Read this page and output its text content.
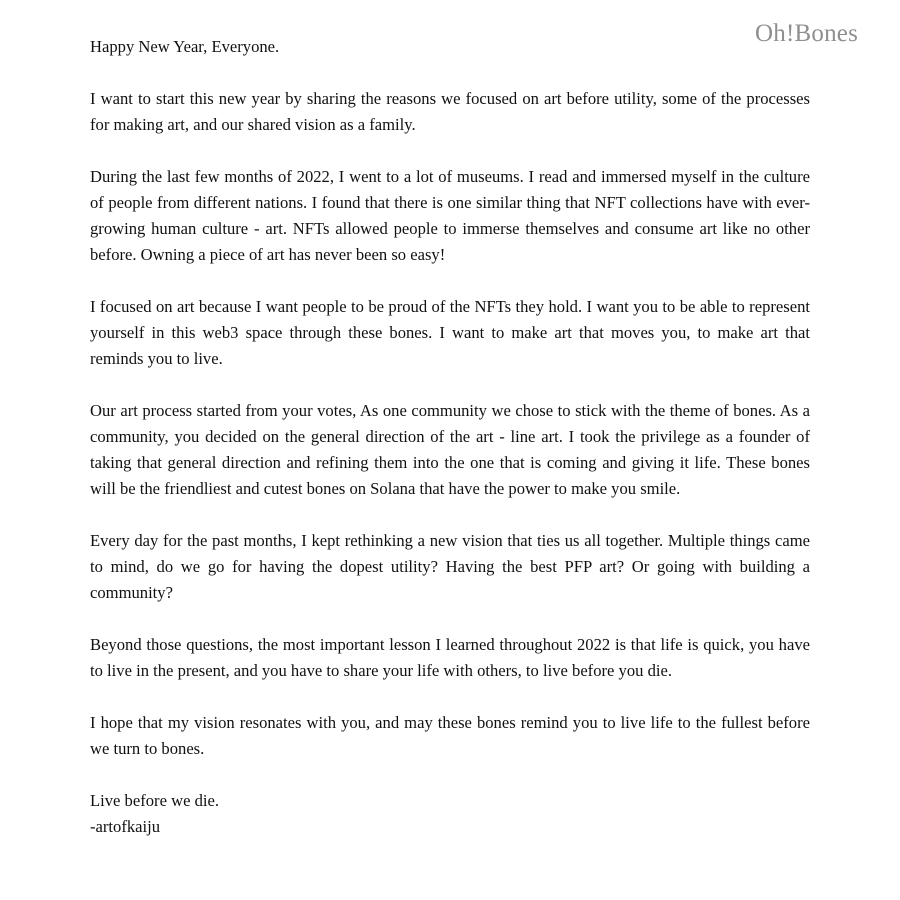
Oh!Bones

Happy New Year, Everyone.

I want to start this new year by sharing the reasons we focused on art before utility, some of the processes for making art, and our shared vision as a family.

During the last few months of 2022, I went to a lot of museums. I read and immersed myself in the culture of people from different nations. I found that there is one similar thing that NFT collections have with ever-growing human culture - art. NFTs allowed people to immerse themselves and consume art like no other before. Owning a piece of art has never been so easy!

I focused on art because I want people to be proud of the NFTs they hold. I want you to be able to represent yourself in this web3 space through these bones. I want to make art that moves you, to make art that reminds you to live.

Our art process started from your votes, As one community we chose to stick with the theme of bones. As a community, you decided on the general direction of the art - line art. I took the privilege as a founder of taking that general direction and refining them into the one that is coming and giving it life. These bones will be the friendliest and cutest bones on Solana that have the power to make you smile.

Every day for the past months, I kept rethinking a new vision that ties us all together. Multiple things came to mind, do we go for having the dopest utility? Having the best PFP art? Or going with building a community?

Beyond those questions, the most important lesson I learned throughout 2022 is that life is quick, you have to live in the present, and you have to share your life with others, to live before you die.

I hope that my vision resonates with you, and may these bones remind you to live life to the fullest before we turn to bones.

Live before we die.

-artofkaiju
